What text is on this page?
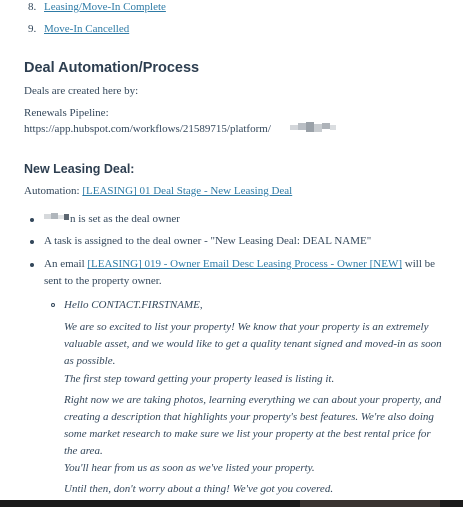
8. Leasing/Move-In Complete
9. Move-In Cancelled
Deal Automation/Process
Deals are created here by:
Renewals Pipeline:
https://app.hubspot.com/workflows/21589715/platform/
New Leasing Deal:
Automation: [LEASING] 01 Deal Stage - New Leasing Deal
n is set as the deal owner
A task is assigned to the deal owner - "New Leasing Deal: DEAL NAME"
An email [LEASING] 019 - Owner Email Desc Leasing Process - Owner [NEW] will be sent to the property owner.
Hello CONTACT.FIRSTNAME,
We are so excited to list your property! We know that your property is an extremely valuable asset, and we would like to get a quality tenant signed and moved-in as soon as possible.
The first step toward getting your property leased is listing it.
Right now we are taking photos, learning everything we can about your property, and creating a description that highlights your property's best features. We're also doing some market research to make sure we list your property at the best rental price for the area.
You'll hear from us as soon as we've listed your property.
Until then, don't worry about a thing! We've got you covered.
